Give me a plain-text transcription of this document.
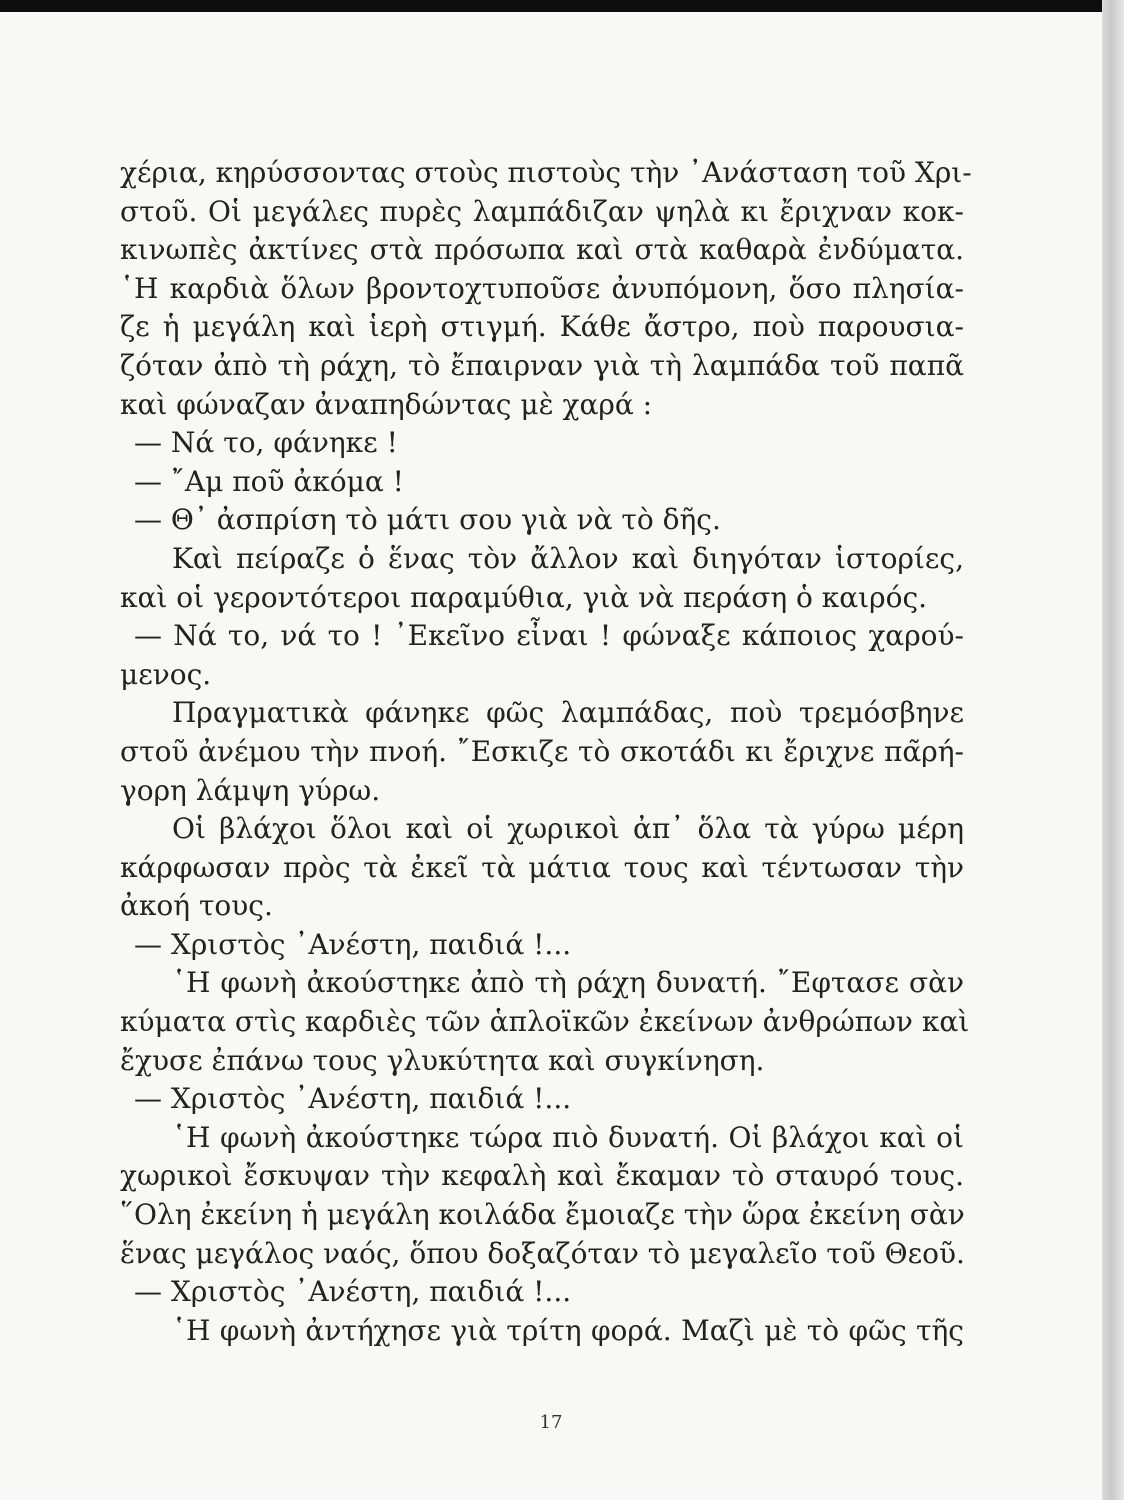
χέρια, κηρύσσοντας στοὺς πιστοὺς τὴν ᾿Ανάσταση τοῦ Χρι-
στοῦ. Οἱ μεγάλες πυρὲς λαμπάδιζαν ψηλὰ κι ἔριχναν κοκ-
κινωπὲς ἀκτίνες στὰ πρόσωπα καὶ στὰ καθαρὰ ἐνδύματα.
῾Η καρδιὰ ὅλων βροντοχτυποῦσε ἀνυπόμονη, ὅσο πλησία-
ζε ἡ μεγάλη καὶ ἱερὴ στιγμή. Κάθε ἄστρο, ποὺ παρουσια-
ζόταν ἀπὸ τὴ ράχη, τὸ ἔπαιρναν γιὰ τὴ λαμπάδα τοῦ παπᾶ
καὶ φώναζαν ἀναπηδώντας μὲ χαρά :
— Νά το, φάνηκε !
— ῎Αμ ποῦ ἀκόμα !
— Θ᾿ ἀσπρίση τὸ μάτι σου γιὰ νὰ τὸ δῆς.
Καὶ πείραζε ὁ ἕνας τὸν ἄλλον καὶ διηγόταν ἱστορίες,
καὶ οἱ γεροντότεροι παραμύθια, γιὰ νὰ περάση ὁ καιρός.
— Νά το, νά το ! ᾿Εκεῖνο εἶναι ! φώναξε κάποιος χαρού-
μενος.
Πραγματικὰ φάνηκε φῶς λαμπάδας, ποὺ τρεμόσβηνε
στοῦ ἀνέμου τὴν πνοή. ῎Εσκιζε τὸ σκοτάδι κι ἔριχνε πα̃ρή-
γορη λάμψη γύρω.
Οἱ βλάχοι ὅλοι καὶ οἱ χωρικοὶ ἀπ᾿ ὅλα τὰ γύρω μέρη
κάρφωσαν πρὸς τὰ ἐκεῖ τὰ μάτια τους καὶ τέντωσαν τὴν
ἀκοή τους.
— Χριστὸς ᾿Ανέστη, παιδιά !...
῾Η φωνὴ ἀκούστηκε ἀπὸ τὴ ράχη δυνατή. ῎Εφτασε σὰν
κύματα στὶς καρδιὲς τῶν ἁπλοϊκῶν ἐκείνων ἀνθρώπων καὶ
ἔχυσε ἐπάνω τους γλυκύτητα καὶ συγκίνηση.
— Χριστὸς ᾿Ανέστη, παιδιά !...
῾Η φωνὴ ἀκούστηκε τώρα πιὸ δυνατή. Οἱ βλάχοι καὶ οἱ
χωρικοὶ ἔσκυψαν τὴν κεφαλὴ καὶ ἔκαμαν τὸ σταυρό τους.
῞Ολη ἐκείνη ἡ μεγάλη κοιλάδα ἔμοιαζε τὴν ὥρα ἐκείνη σὰν
ἕνας μεγάλος ναός, ὅπου δοξαζόταν τὸ μεγαλεῖο τοῦ Θεοῦ.
— Χριστὸς ᾿Ανέστη, παιδιά !...
῾Η φωνὴ ἀντήχησε γιὰ τρίτη φορά. Μαζὶ μὲ τὸ φῶς τῆς
17
